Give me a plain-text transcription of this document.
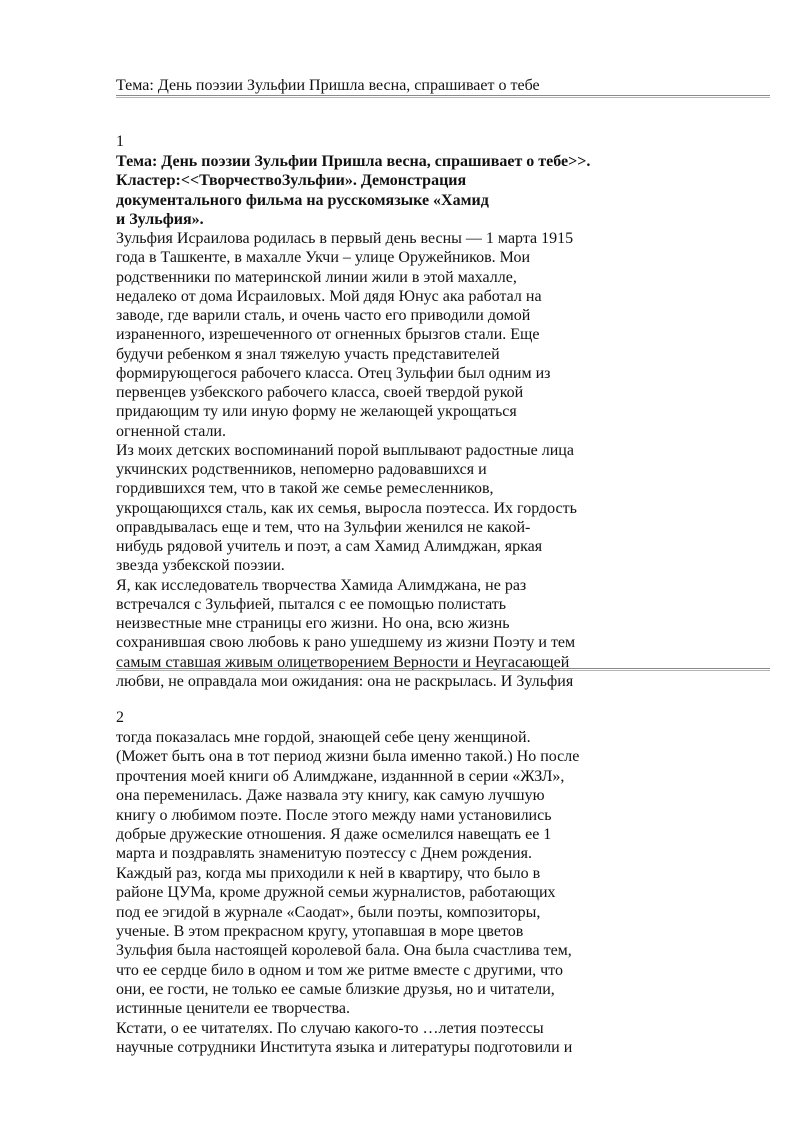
Тема: День поэзии Зульфии Пришла весна, спрашивает о тебе
1
Тема: День поэзии Зульфии Пришла весна, спрашивает о тебе>>.
Кластер:<<ТворчествоЗульфии». Демонстрация
документального фильма на русскомязыке «Хамид
и Зульфия».
Зульфия Исраилова родилась в первый день весны — 1 марта 1915
года в Ташкенте, в махалле Укчи – улице Оружейников. Мои
родственники по материнской линии жили в этой махалле,
недалеко от дома Исраиловых. Мой дядя Юнус ака работал на
заводе, где варили сталь, и очень часто его приводили домой
израненного, изрешеченного от огненных брызгов стали. Еще
будучи ребенком я знал тяжелую участь представителей
формирующегося рабочего класса. Отец Зульфии был одним из
первенцев узбекского рабочего класса, своей твердой рукой
придающим ту или иную форму не желающей укрощаться
огненной стали.
Из моих детских воспоминаний порой выплывают радостные лица
укчинских родственников, непомерно радовавшихся и
гордившихся тем, что в такой же семье ремесленников,
укрощающихся сталь, как их семья, выросла поэтесса. Их гордость
оправдывалась еще и тем, что на Зульфии женился не какой-
нибудь рядовой учитель и поэт, а сам Хамид Алимджан, яркая
звезда узбекской поэзии.
Я, как исследователь творчества Хамида Алимджана, не раз
встречался с Зульфией, пытался с ее помощью полистать
неизвестные мне страницы его жизни. Но она, всю жизнь
сохранившая свою любовь к рано ушедшему из жизни Поэту и тем
самым ставшая живым олицетворением Верности и Неугасающей
любви, не оправдала мои ожидания: она не раскрылась. И Зульфия
2
тогда показалась мне гордой, знающей себе цену женщиной.
(Может быть она в тот период жизни была именно такой.) Но после
прочтения моей книги об Алимджане, изданнной в серии «ЖЗЛ»,
она переменилась. Даже назвала эту книгу, как самую лучшую
книгу о любимом поэте. После этого между нами установились
добрые дружеские отношения. Я даже осмелился навещать ее 1
марта и поздравлять знаменитую поэтессу с Днем рождения.
Каждый раз, когда мы приходили к ней в квартиру, что было в
районе ЦУМа, кроме дружной семьи журналистов, работающих
под ее эгидой в журнале «Саодат», были поэты, композиторы,
ученые. В этом прекрасном кругу, утопавшая в море цветов
Зульфия была настоящей королевой бала. Она была счастлива тем,
что ее сердце било в одном и том же ритме вместе с другими, что
они, ее гости, не только ее самые близкие друзья, но и читатели,
истинные ценители ее творчества.
Кстати, о ее читателях. По случаю какого-то …летия поэтессы
научные сотрудники Института языка и литературы подготовили и
